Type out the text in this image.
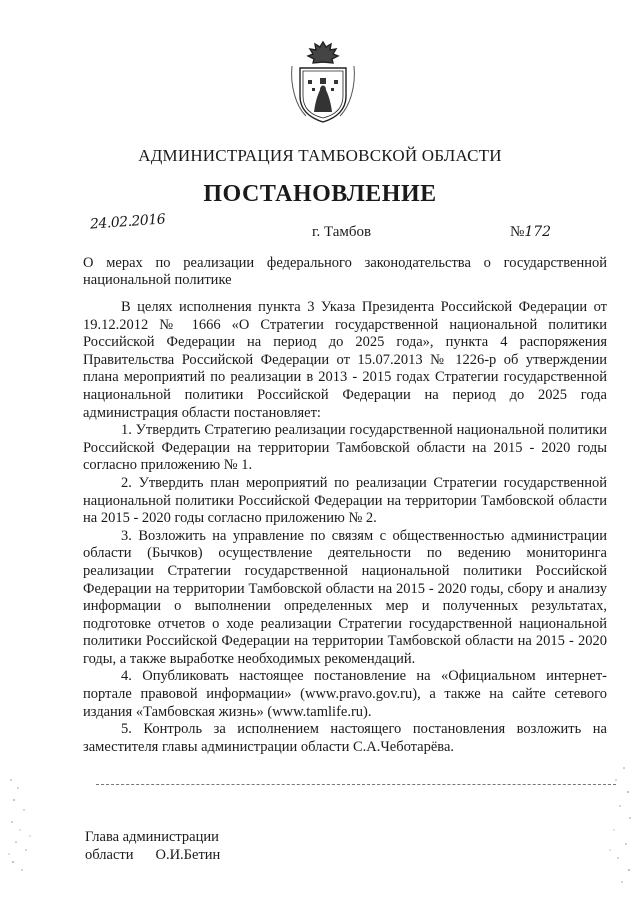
АДМИНИСТРАЦИЯ ТАМБОВСКОЙ ОБЛАСТИ
ПОСТАНОВЛЕНИЕ
24.02.2016	г. Тамбов	№172
О мерах по реализации федерального законодательства о государственной национальной политике

В целях исполнения пункта 3 Указа Президента Российской Федерации от 19.12.2012 № 1666 «О Стратегии государственной национальной политики Российской Федерации на период до 2025 года», пункта 4 распоряжения Правительства Российской Федерации от 15.07.2013 № 1226-р об утверждении плана мероприятий по реализации в 2013 - 2015 годах Стратегии государственной национальной политики Российской Федерации на период до 2025 года администрация области постановляет:

1. Утвердить Стратегию реализации государственной национальной политики Российской Федерации на территории Тамбовской области на 2015 - 2020 годы согласно приложению № 1.

2. Утвердить план мероприятий по реализации Стратегии государственной национальной политики Российской Федерации на территории Тамбовской области на 2015 - 2020 годы согласно приложению № 2.

3. Возложить на управление по связям с общественностью администрации области (Бычков) осуществление деятельности по ведению мониторинга реализации Стратегии государственной национальной политики Российской Федерации на территории Тамбовской области на 2015 - 2020 годы, сбору и анализу информации о выполнении определенных мер и полученных результатах, подготовке отчетов о ходе реализации Стратегии государственной национальной политики Российской Федерации на территории Тамбовской области на 2015 - 2020 годы, а также выработке необходимых рекомендаций.

4. Опубликовать настоящее постановление на «Официальном интернет-портале правовой информации» (www.pravo.gov.ru), а также на сайте сетевого издания «Тамбовская жизнь» (www.tamlife.ru).

5. Контроль за исполнением настоящего постановления возложить на заместителя главы администрации области С.А.Чеботарёва.

Глава администрации
области О.И.Бетин
